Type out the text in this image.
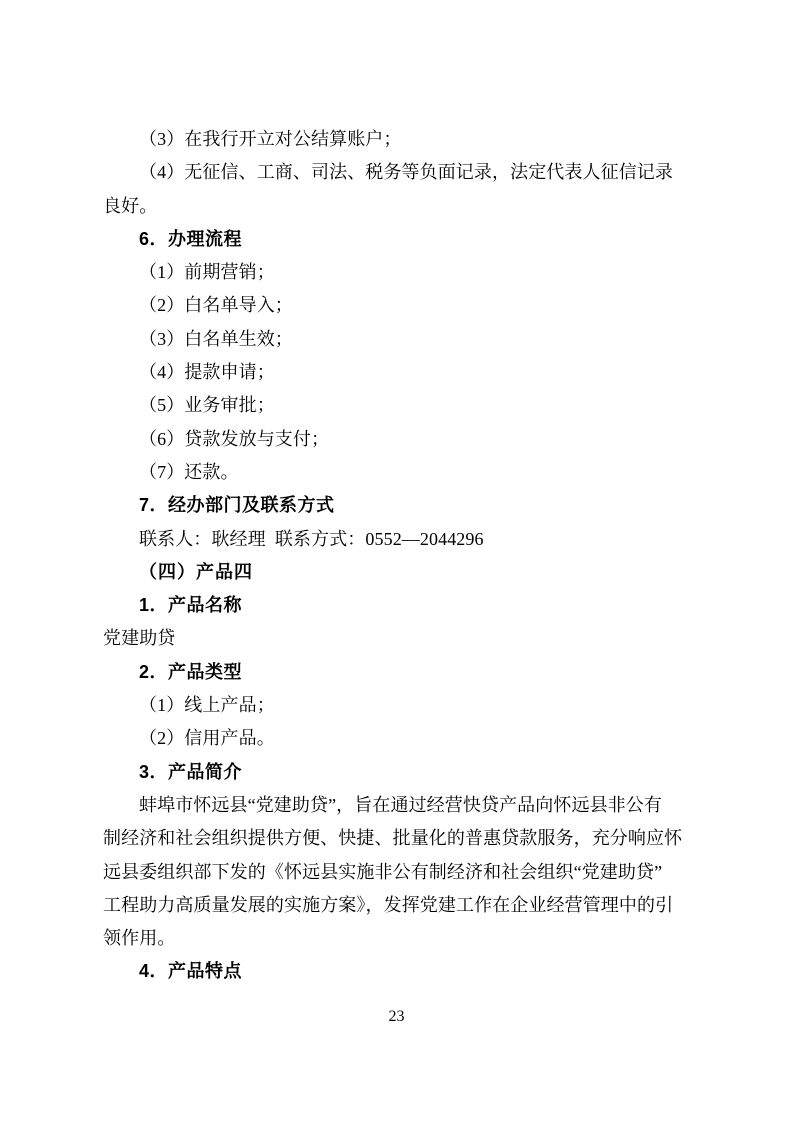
（3）在我行开立对公结算账户；
（4）无征信、工商、司法、税务等负面记录，法定代表人征信记录
良好。
6．办理流程
（1）前期营销；
（2）白名单导入；
（3）白名单生效；
（4）提款申请；
（5）业务审批；
（6）贷款发放与支付；
（7）还款。
7．经办部门及联系方式
联系人：耿经理  联系方式：0552—2044296
（四）产品四
1．产品名称
党建助贷
2．产品类型
（1）线上产品；
（2）信用产品。
3．产品简介
蚌埠市怀远县“党建助贷”，旨在通过经营快贷产品向怀远县非公有
制经济和社会组织提供方便、快捷、批量化的普惠贷款服务，充分响应怀
远县委组织部下发的《怀远县实施非公有制经济和社会组织“党建助贷”
工程助力高质量发展的实施方案》，发挥党建工作在企业经营管理中的引
领作用。
4．产品特点
23
